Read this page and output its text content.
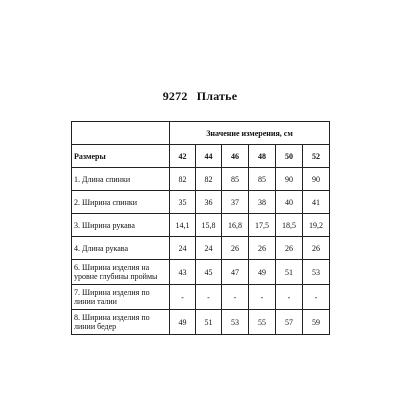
9272 Платье
	Значение измерения, см					
Размеры	42	44	46	48	50	52
1. Длина спинки	82	82	85	85	90	90
2. Ширина спинки	35	36	37	38	40	41
3. Ширина рукава	14,1	15,8	16,8	17,5	18,5	19,2
4. Длина рукава	24	24	26	26	26	26
6. Ширина изделия на уровне глубины проймы	43	45	47	49	51	53
7. Ширина изделия по линии талии	-	-	-	-	-	-
8. Ширина изделия по линии бедер	49	51	53	55	57	59
